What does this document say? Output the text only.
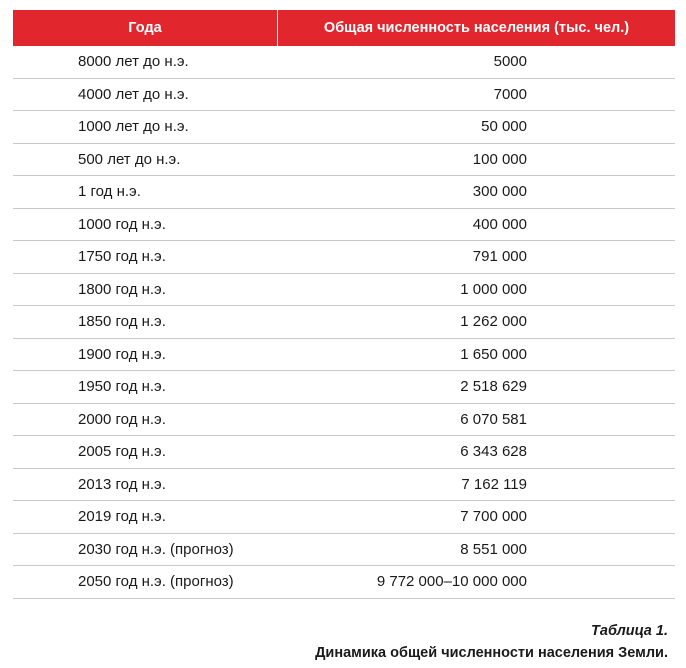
Года	Общая численность населения (тыс. чел.)
8000 лет до н.э.	5000
4000 лет до н.э.	7000
1000 лет до н.э.	50 000
500 лет до н.э.	100 000
1 год н.э.	300 000
1000 год н.э.	400 000
1750 год н.э.	791 000
1800 год н.э.	1 000 000
1850 год н.э.	1 262 000
1900 год н.э.	1 650 000
1950 год н.э.	2 518 629
2000 год н.э.	6 070 581
2005 год н.э.	6 343 628
2013 год н.э.	7 162 119
2019 год н.э.	7 700 000
2030 год н.э. (прогноз)	8 551 000
2050 год н.э. (прогноз)	9 772 000–10 000 000
Таблица 1.
Динамика общей численности населения Земли.
